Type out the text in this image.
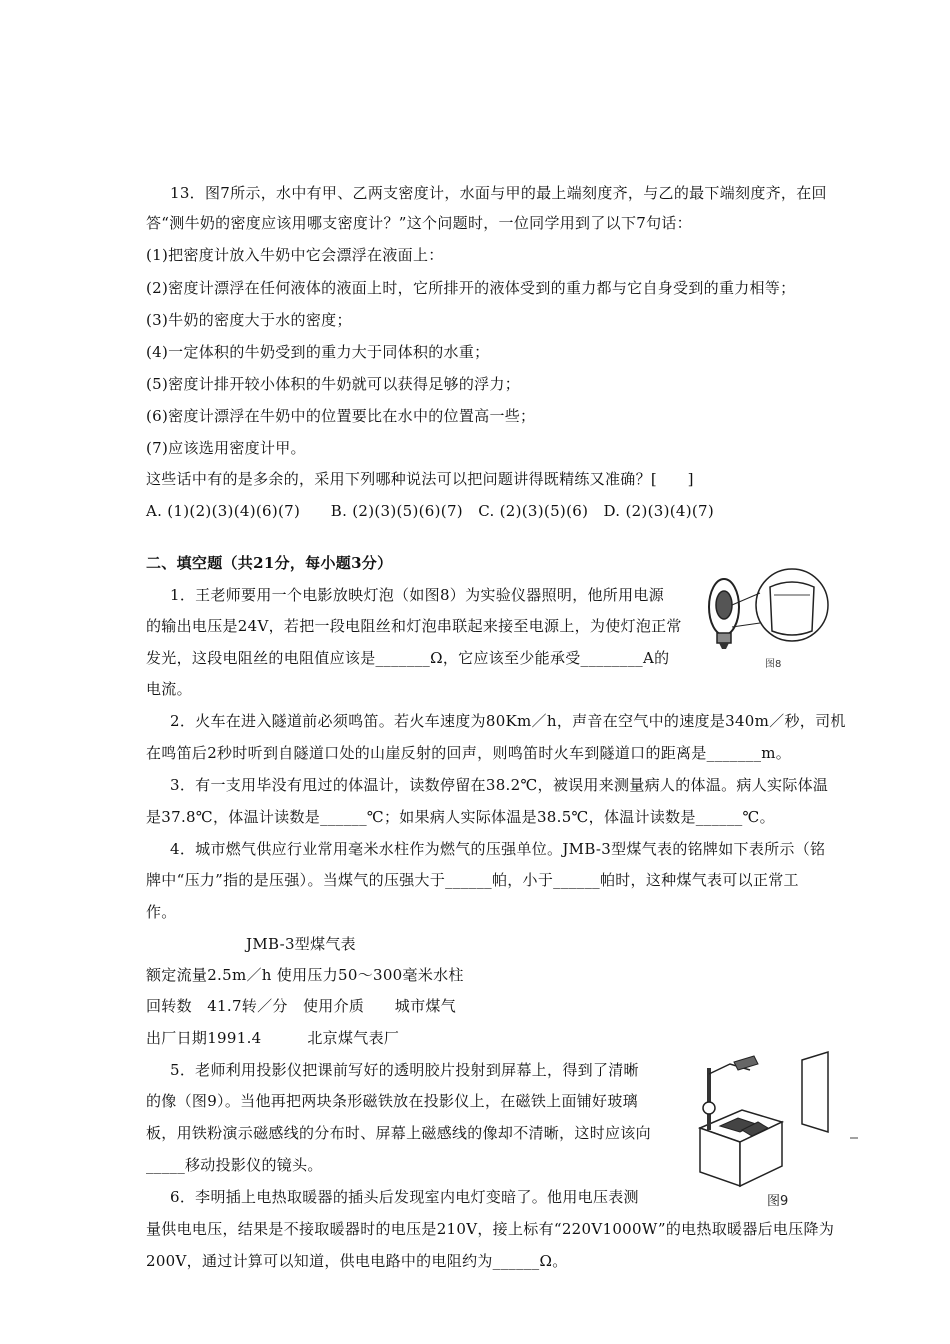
13．图7所示，水中有甲、乙两支密度计，水面与甲的最上端刻度齐，与乙的最下端刻度齐，在回
答“测牛奶的密度应该用哪支密度计？”这个问题时，一位同学用到了以下7句话：
(1)把密度计放入牛奶中它会漂浮在液面上：
(2)密度计漂浮在任何液体的液面上时，它所排开的液体受到的重力都与它自身受到的重力相等；
(3)牛奶的密度大于水的密度；
(4)一定体积的牛奶受到的重力大于同体积的水重；
(5)密度计排开较小体积的牛奶就可以获得足够的浮力；
(6)密度计漂浮在牛奶中的位置要比在水中的位置高一些；
(7)应该选用密度计甲。
这些话中有的是多余的，采用下列哪种说法可以把问题讲得既精练又准确？[　　]
A. (1)(2)(3)(4)(6)(7)　　B. (2)(3)(5)(6)(7)　C. (2)(3)(5)(6)　D. (2)(3)(4)(7)
二、填空题（共21分，每小题3分）
1．王老师要用一个电影放映灯泡（如图8）为实验仪器照明，他所用电源
的输出电压是24V，若把一段电阻丝和灯泡串联起来接至电源上，为使灯泡正常
发光，这段电阻丝的电阻值应该是_______Ω，它应该至少能承受________A的
电流。
图8
2．火车在进入隧道前必须鸣笛。若火车速度为80Km／h，声音在空气中的速度是340m／秒，司机
在鸣笛后2秒时听到自隧道口处的山崖反射的回声，则鸣笛时火车到隧道口的距离是_______m。
3．有一支用毕没有甩过的体温计，读数停留在38.2℃，被误用来测量病人的体温。病人实际体温
是37.8℃，体温计读数是______℃；如果病人实际体温是38.5℃，体温计读数是______℃。
4．城市燃气供应行业常用毫米水柱作为燃气的压强单位。JMB-3型煤气表的铭牌如下表所示（铭
牌中“压力”指的是压强）。当煤气的压强大于______帕，小于______帕时，这种煤气表可以正常工
作。
JMB-3型煤气表
额定流量2.5m／h 使用压力50～300毫米水柱
回转数　41.7转／分　使用介质　　城市煤气
出厂日期1991.4　　　北京煤气表厂
5．老师利用投影仪把课前写好的透明胶片投射到屏幕上，得到了清晰
的像（图9）。当他再把两块条形磁铁放在投影仪上，在磁铁上面铺好玻璃
板，用铁粉演示磁感线的分布时、屏幕上磁感线的像却不清晰，这时应该向
_____移动投影仪的镜头。
图9
6．李明插上电热取暖器的插头后发现室内电灯变暗了。他用电压表测
量供电电压，结果是不接取暖器时的电压是210V，接上标有“220V1000W”的电热取暖器后电压降为
200V，通过计算可以知道，供电电路中的电阻约为______Ω。
